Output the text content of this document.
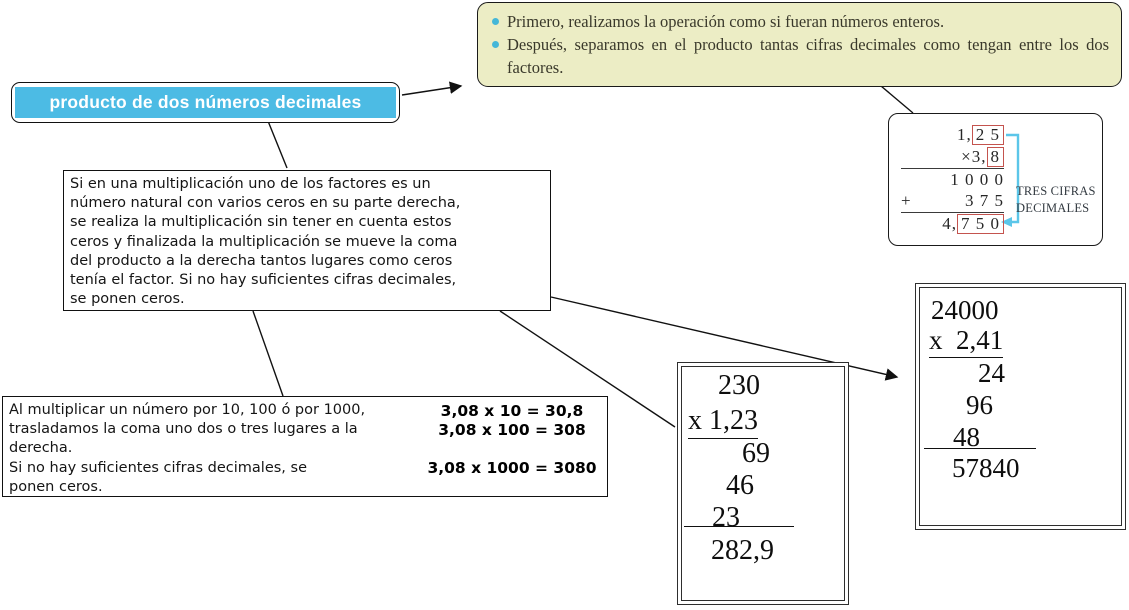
Primero, realizamos la operación como si fueran números enteros.
Después, separamos en el producto tantas cifras decimales como tengan entre los dos factores.
producto de dos números decimales
Si en una multiplicación uno de los factores es un
número natural con varios ceros en su parte derecha,
se realiza la multiplicación sin tener en cuenta estos
ceros y finalizada la multiplicación se mueve la coma
del producto a la derecha tantos lugares como ceros
tenía el factor. Si no hay suficientes cifras decimales,
se ponen ceros.
Al multiplicar un número por 10, 100 ó por 1000,
trasladamos la coma uno dos o tres lugares a la
derecha.
Si no hay suficientes cifras decimales, se
ponen ceros.
3,08 x 10 = 30,8
3,08 x 100 = 308
3,08 x 1000 = 3080
1, 2 5
×3, 8
1 0 0 0
+	3 7 5
4, 7 5 0
TRES CIFRAS
DECIMALES
230
x 1,23
69
46
23
282,9
24000
x  2,41
24
96
48
57840
